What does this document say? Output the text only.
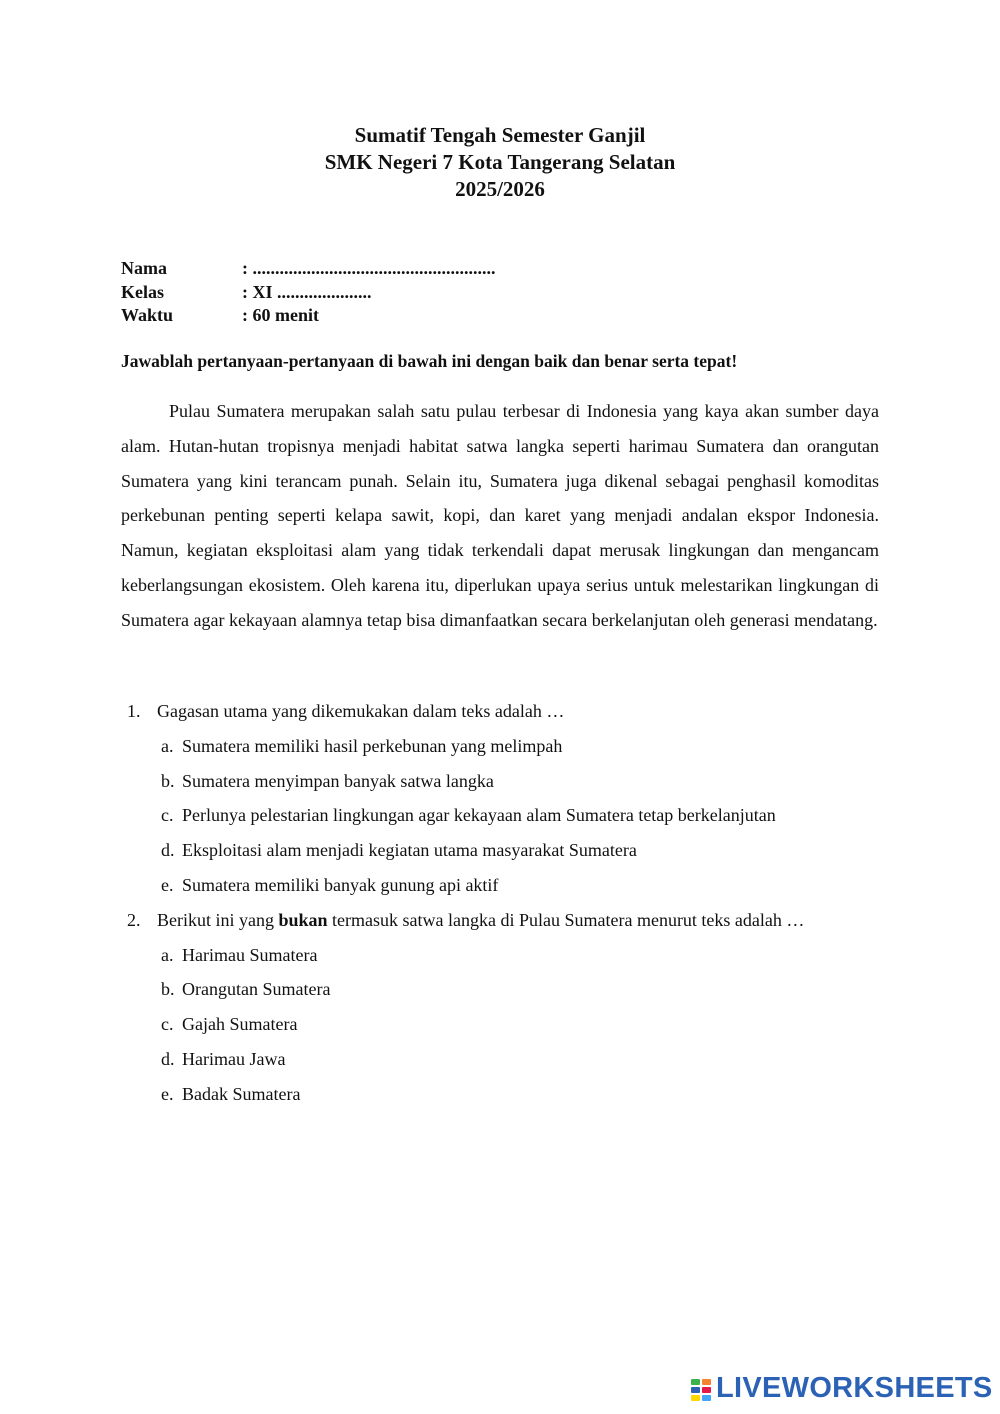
Sumatif Tengah Semester Ganjil
SMK Negeri 7 Kota Tangerang Selatan
2025/2026
Nama	: ......................................................
Kelas	: XI .....................
Waktu	: 60 menit
Jawablah pertanyaan-pertanyaan di bawah ini dengan baik dan benar serta tepat!

Pulau Sumatera merupakan salah satu pulau terbesar di Indonesia yang kaya akan sumber daya alam. Hutan-hutan tropisnya menjadi habitat satwa langka seperti harimau Sumatera dan orangutan Sumatera yang kini terancam punah. Selain itu, Sumatera juga dikenal sebagai penghasil komoditas perkebunan penting seperti kelapa sawit, kopi, dan karet yang menjadi andalan ekspor Indonesia. Namun, kegiatan eksploitasi alam yang tidak terkendali dapat merusak lingkungan dan mengancam keberlangsungan ekosistem. Oleh karena itu, diperlukan upaya serius untuk melestarikan lingkungan di Sumatera agar kekayaan alamnya tetap bisa dimanfaatkan secara berkelanjutan oleh generasi mendatang.

1. Gagasan utama yang dikemukakan dalam teks adalah …
a. Sumatera memiliki hasil perkebunan yang melimpah
b. Sumatera menyimpan banyak satwa langka
c. Perlunya pelestarian lingkungan agar kekayaan alam Sumatera tetap berkelanjutan
d. Eksploitasi alam menjadi kegiatan utama masyarakat Sumatera
e. Sumatera memiliki banyak gunung api aktif
2. Berikut ini yang bukan termasuk satwa langka di Pulau Sumatera menurut teks adalah …
a. Harimau Sumatera
b. Orangutan Sumatera
c. Gajah Sumatera
d. Harimau Jawa
e. Badak Sumatera
LIVEWORKSHEETS
